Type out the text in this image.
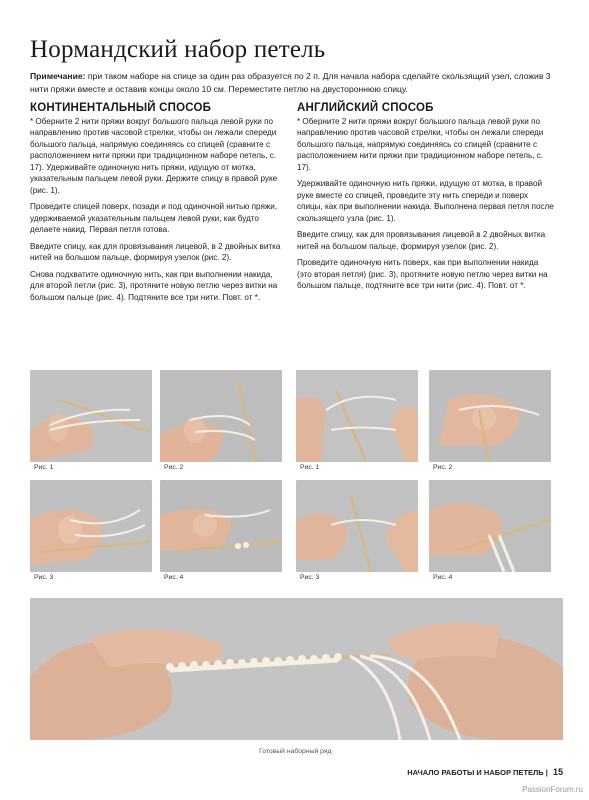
Нормандский набор петель
Примечание: при таком наборе на спице за один раз образуется по 2 п. Для начала набора сделайте скользящий узел, сложив 3 нити пряжи вместе и оставив концы около 10 см. Переместите петлю на двустороннюю спицу.
КОНТИНЕНТАЛЬНЫЙ СПОСОБ

* Оберните 2 нити пряжи вокруг большого пальца левой руки по направлению против часовой стрелки, чтобы он лежали спереди большого пальца, напрямую соединяясь со спицей (сравните с расположением нити пряжи при традиционном наборе петель, с. 17). Удерживайте одиночную нить пряжи, идущую от мотка, указательным пальцем левой руки. Держите спицу в правой руке (рис. 1).

Проведите спицей поверх, позади и под одиночной нитью пряжи, удерживаемой указательным пальцем левой руки, как будто делаете накид. Первая петля готова.

Введите спицу, как для провязывания лицевой, в 2 двойных витка нитей на большом пальце, формируя узелок (рис. 2).

Снова подхватите одиночную нить, как при выполнении накида, для второй петли (рис. 3), протяните новую петлю через витки на большом пальце (рис. 4). Подтяните все три нити. Повт. от *.

АНГЛИЙСКИЙ СПОСОБ

* Оберните 2 нити пряжи вокруг большого пальца левой руки по направлению против часовой стрелки, чтобы он лежали спереди большого пальца, напрямую соединяясь со спицей (сравните с расположением нити пряжи при традиционном наборе петель, с. 17).

Удерживайте одиночную нить пряжи, идущую от мотка, в правой руке вместе со спицей, проведите эту нить спереди и поверх спицы, как при выполнении накида. Выполнена первая петля после скользящего узла (рис. 1).

Введите спицу, как для провязывания лицевой в 2 двойных витка нитей на большом пальце, формируя узелок (рис. 2).

Проведите одиночную нить поверх, как при выполнении накида (это вторая петля) (рис. 3), протяните новую петлю через витки на большом пальце, подтяните все три нити (рис. 4). Повт. от *.

Рис. 1	Рис. 2
Рис. 3	Рис. 4
Рис. 1	Рис. 2
Рис. 3	Рис. 4
Готовый наборный ряд
НАЧАЛО РАБОТЫ И НАБОР ПЕТЕЛЬ | 15
PassionForum.ru
